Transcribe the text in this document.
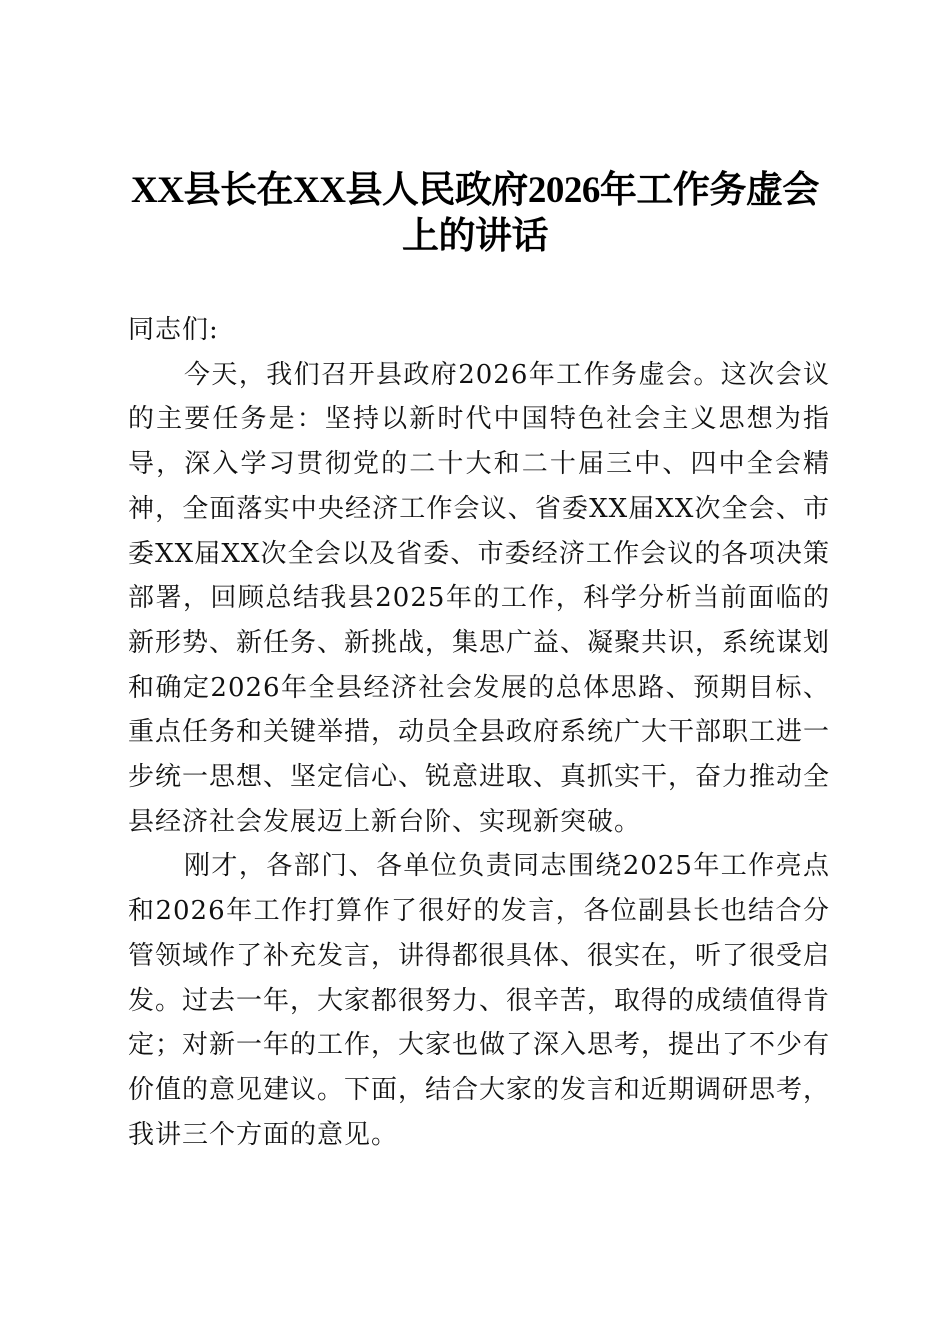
XX县长在XX县人民政府2026年工作务虚会
上的讲话

同志们:

今天，我们召开县政府2026年工作务虚会。这次会议的主要任务是：坚持以新时代中国特色社会主义思想为指导，深入学习贯彻党的二十大和二十届三中、四中全会精神，全面落实中央经济工作会议、省委XX届XX次全会、市委XX届XX次全会以及省委、市委经济工作会议的各项决策部署，回顾总结我县2025年的工作，科学分析当前面临的新形势、新任务、新挑战，集思广益、凝聚共识，系统谋划和确定2026年全县经济社会发展的总体思路、预期目标、重点任务和关键举措，动员全县政府系统广大干部职工进一步统一思想、坚定信心、锐意进取、真抓实干，奋力推动全县经济社会发展迈上新台阶、实现新突破。

刚才，各部门、各单位负责同志围绕2025年工作亮点和2026年工作打算作了很好的发言，各位副县长也结合分管领域作了补充发言，讲得都很具体、很实在，听了很受启发。过去一年，大家都很努力、很辛苦，取得的成绩值得肯定；对新一年的工作，大家也做了深入思考，提出了不少有价值的意见建议。下面，结合大家的发言和近期调研思考，我讲三个方面的意见。
